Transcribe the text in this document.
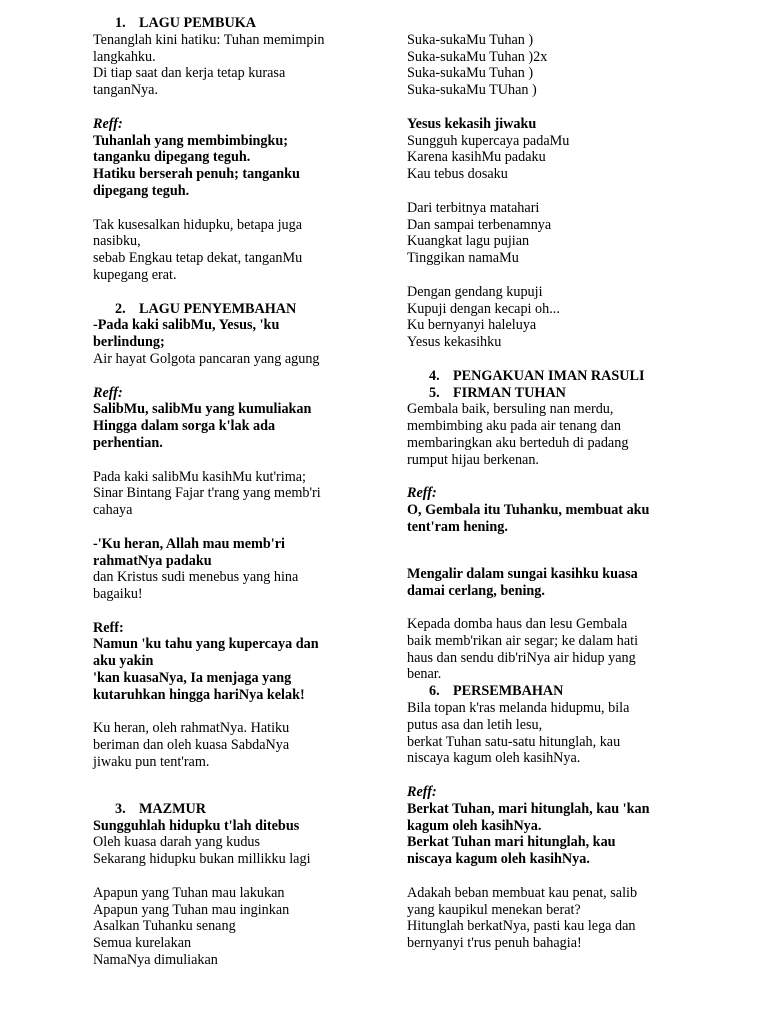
1. LAGU PEMBUKA
Tenanglah kini hatiku: Tuhan memimpin
langkahku.
Di tiap saat dan kerja tetap kurasa
tanganNya.
Reff:
Tuhanlah yang membimbingku;
tanganku dipegang teguh.
Hatiku berserah penuh; tanganku
dipegang teguh.
Tak kusesalkan hidupku, betapa juga
nasibku,
sebab Engkau tetap dekat, tanganMu
kupegang erat.
2. LAGU PENYEMBAHAN
-Pada kaki salibMu, Yesus, 'ku
berlindung;
Air hayat Golgota pancaran yang agung
Reff:
SalibMu, salibMu yang kumuliakan
Hingga dalam sorga k'lak ada
perhentian.
Pada kaki salibMu kasihMu kut'rima;
Sinar Bintang Fajar t'rang yang memb'ri
cahaya
-'Ku heran, Allah mau memb'ri
rahmatNya padaku
dan Kristus sudi menebus yang hina
bagaiku!
Reff:
Namun 'ku tahu yang kupercaya dan
aku yakin
'kan kuasaNya, Ia menjaga yang
kutaruhkan hingga hariNya kelak!
Ku heran, oleh rahmatNya. Hatiku
beriman dan oleh kuasa SabdaNya
jiwaku pun tent'ram.
3. MAZMUR
Sungguhlah hidupku t'lah ditebus
Oleh kuasa darah yang kudus
Sekarang hidupku bukan millikku lagi
Apapun yang Tuhan mau lakukan
Apapun yang Tuhan mau inginkan
Asalkan Tuhanku senang
Semua kurelakan
NamaNya dimuliakan
Suka-sukaMu Tuhan )
Suka-sukaMu Tuhan )2x
Suka-sukaMu Tuhan )
Suka-sukaMu TUhan )
Yesus kekasih jiwaku
Sungguh kupercaya padaMu
Karena kasihMu padaku
Kau tebus dosaku
Dari terbitnya matahari
Dan sampai terbenamnya
Kuangkat lagu pujian
Tinggikan namaMu
Dengan gendang kupuji
Kupuji dengan kecapi oh...
Ku bernyanyi haleluya
Yesus kekasihku
4. PENGAKUAN IMAN RASULI
5. FIRMAN TUHAN
Gembala baik, bersuling nan merdu,
membimbing aku pada air tenang dan
membaringkan aku berteduh di padang
rumput hijau berkenan.
Reff:
O, Gembala itu Tuhanku, membuat aku
tent'ram hening.
Mengalir dalam sungai kasihku kuasa
damai cerlang, bening.
Kepada domba haus dan lesu Gembala
baik memb'rikan air segar; ke dalam hati
haus dan sendu dib'riNya air hidup yang
benar.
6. PERSEMBAHAN
Bila topan k'ras melanda hidupmu, bila
putus asa dan letih lesu,
berkat Tuhan satu-satu hitunglah, kau
niscaya kagum oleh kasihNya.
Reff:
Berkat Tuhan, mari hitunglah, kau 'kan
kagum oleh kasihNya.
Berkat Tuhan mari hitunglah, kau
niscaya kagum oleh kasihNya.
Adakah beban membuat kau penat, salib
yang kaupikul menekan berat?
Hitunglah berkatNya, pasti kau lega dan
bernyanyi t'rus penuh bahagia!
